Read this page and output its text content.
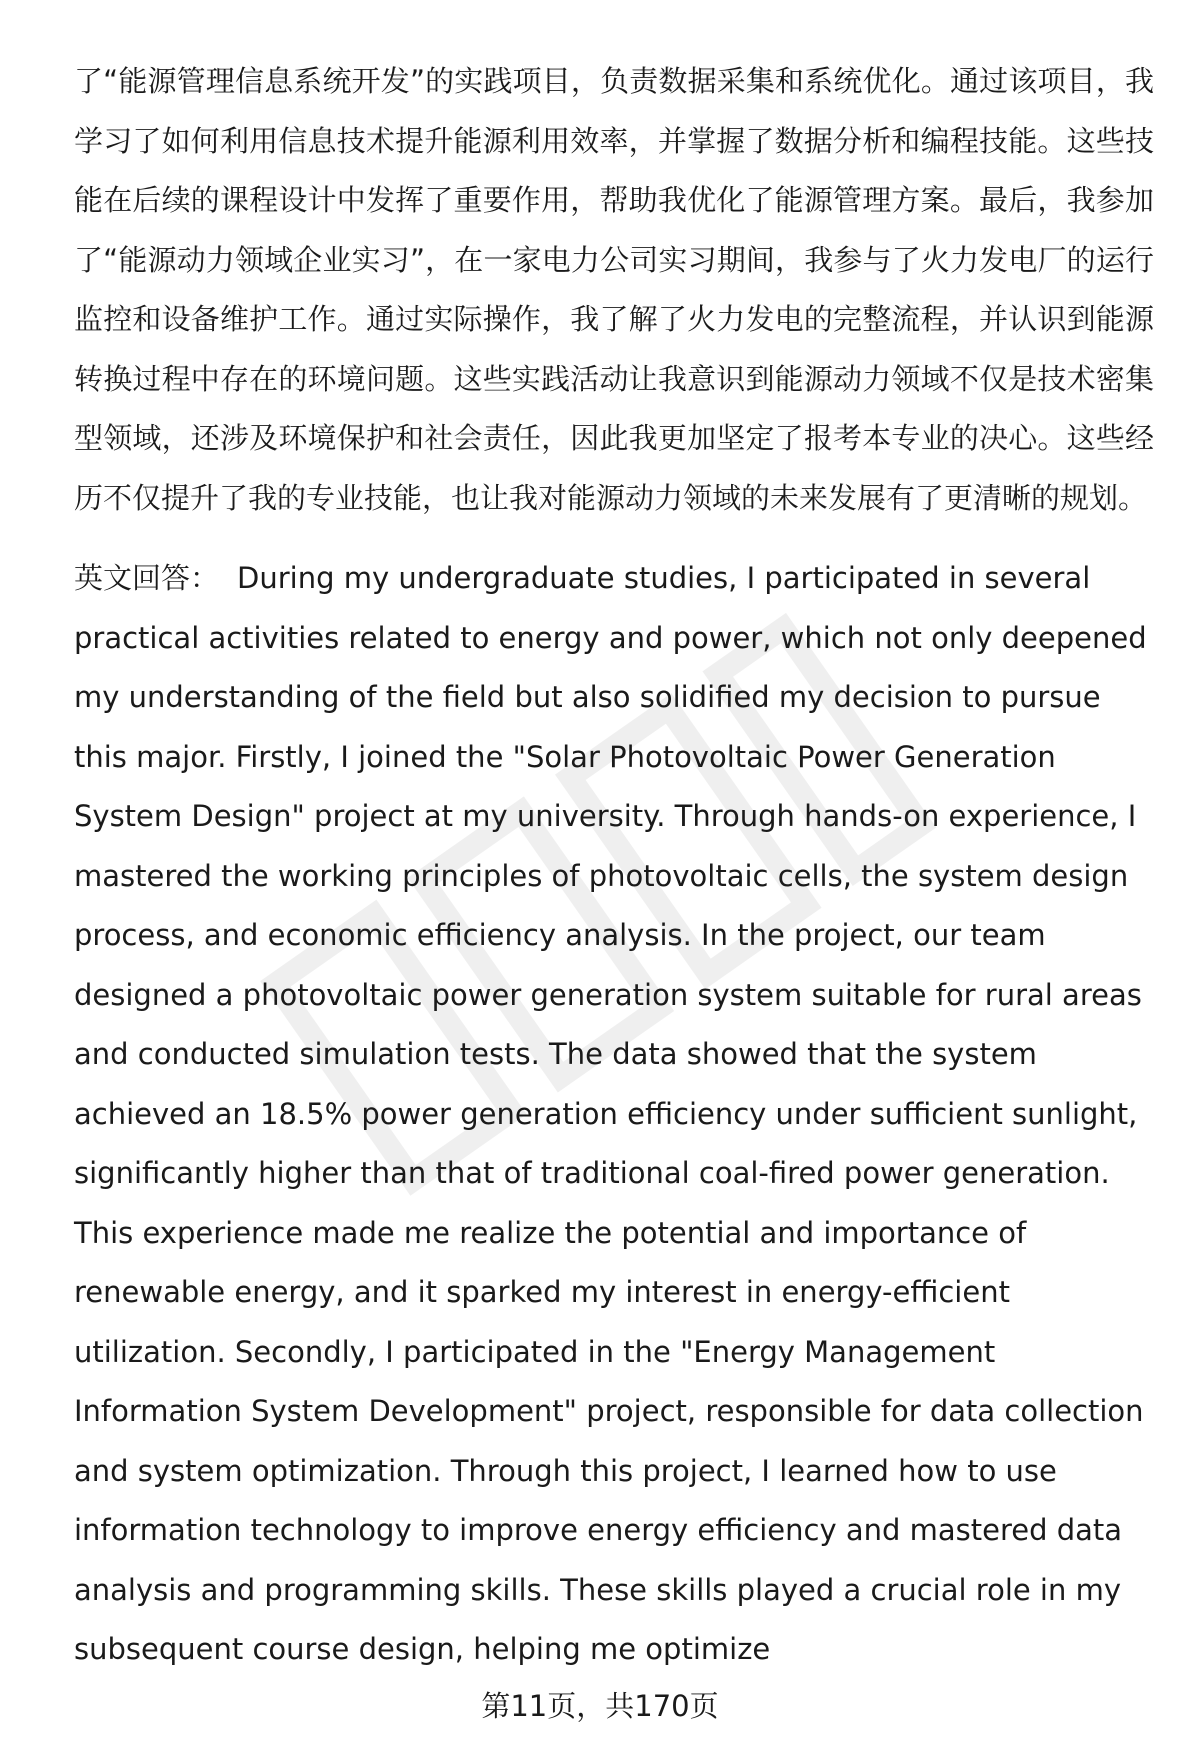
了“能源管理信息系统开发”的实践项目，负责数据采集和系统优化。通过该项目，我学习了如何利用信息技术提升能源利用效率，并掌握了数据分析和编程技能。这些技能在后续的课程设计中发挥了重要作用，帮助我优化了能源管理方案。最后，我参加了“能源动力领域企业实习”，在一家电力公司实习期间，我参与了火力发电厂的运行监控和设备维护工作。通过实际操作，我了解了火力发电的完整流程，并认识到能源转换过程中存在的环境问题。这些实践活动让我意识到能源动力领域不仅是技术密集型领域，还涉及环境保护和社会责任，因此我更加坚定了报考本专业的决心。这些经历不仅提升了我的专业技能，也让我对能源动力领域的未来发展有了更清晰的规划。

英文回答： During my undergraduate studies, I participated in several practical activities related to energy and power, which not only deepened my understanding of the field but also solidified my decision to pursue this major. Firstly, I joined the "Solar Photovoltaic Power Generation System Design" project at my university. Through hands-on experience, I mastered the working principles of photovoltaic cells, the system design process, and economic efficiency analysis. In the project, our team designed a photovoltaic power generation system suitable for rural areas and conducted simulation tests. The data showed that the system achieved an 18.5% power generation efficiency under sufficient sunlight, significantly higher than that of traditional coal-fired power generation. This experience made me realize the potential and importance of renewable energy, and it sparked my interest in energy-efficient utilization. Secondly, I participated in the "Energy Management Information System Development" project, responsible for data collection and system optimization. Through this project, I learned how to use information technology to improve energy efficiency and mastered data analysis and programming skills. These skills played a crucial role in my subsequent course design, helping me optimize

第11页，共170页
